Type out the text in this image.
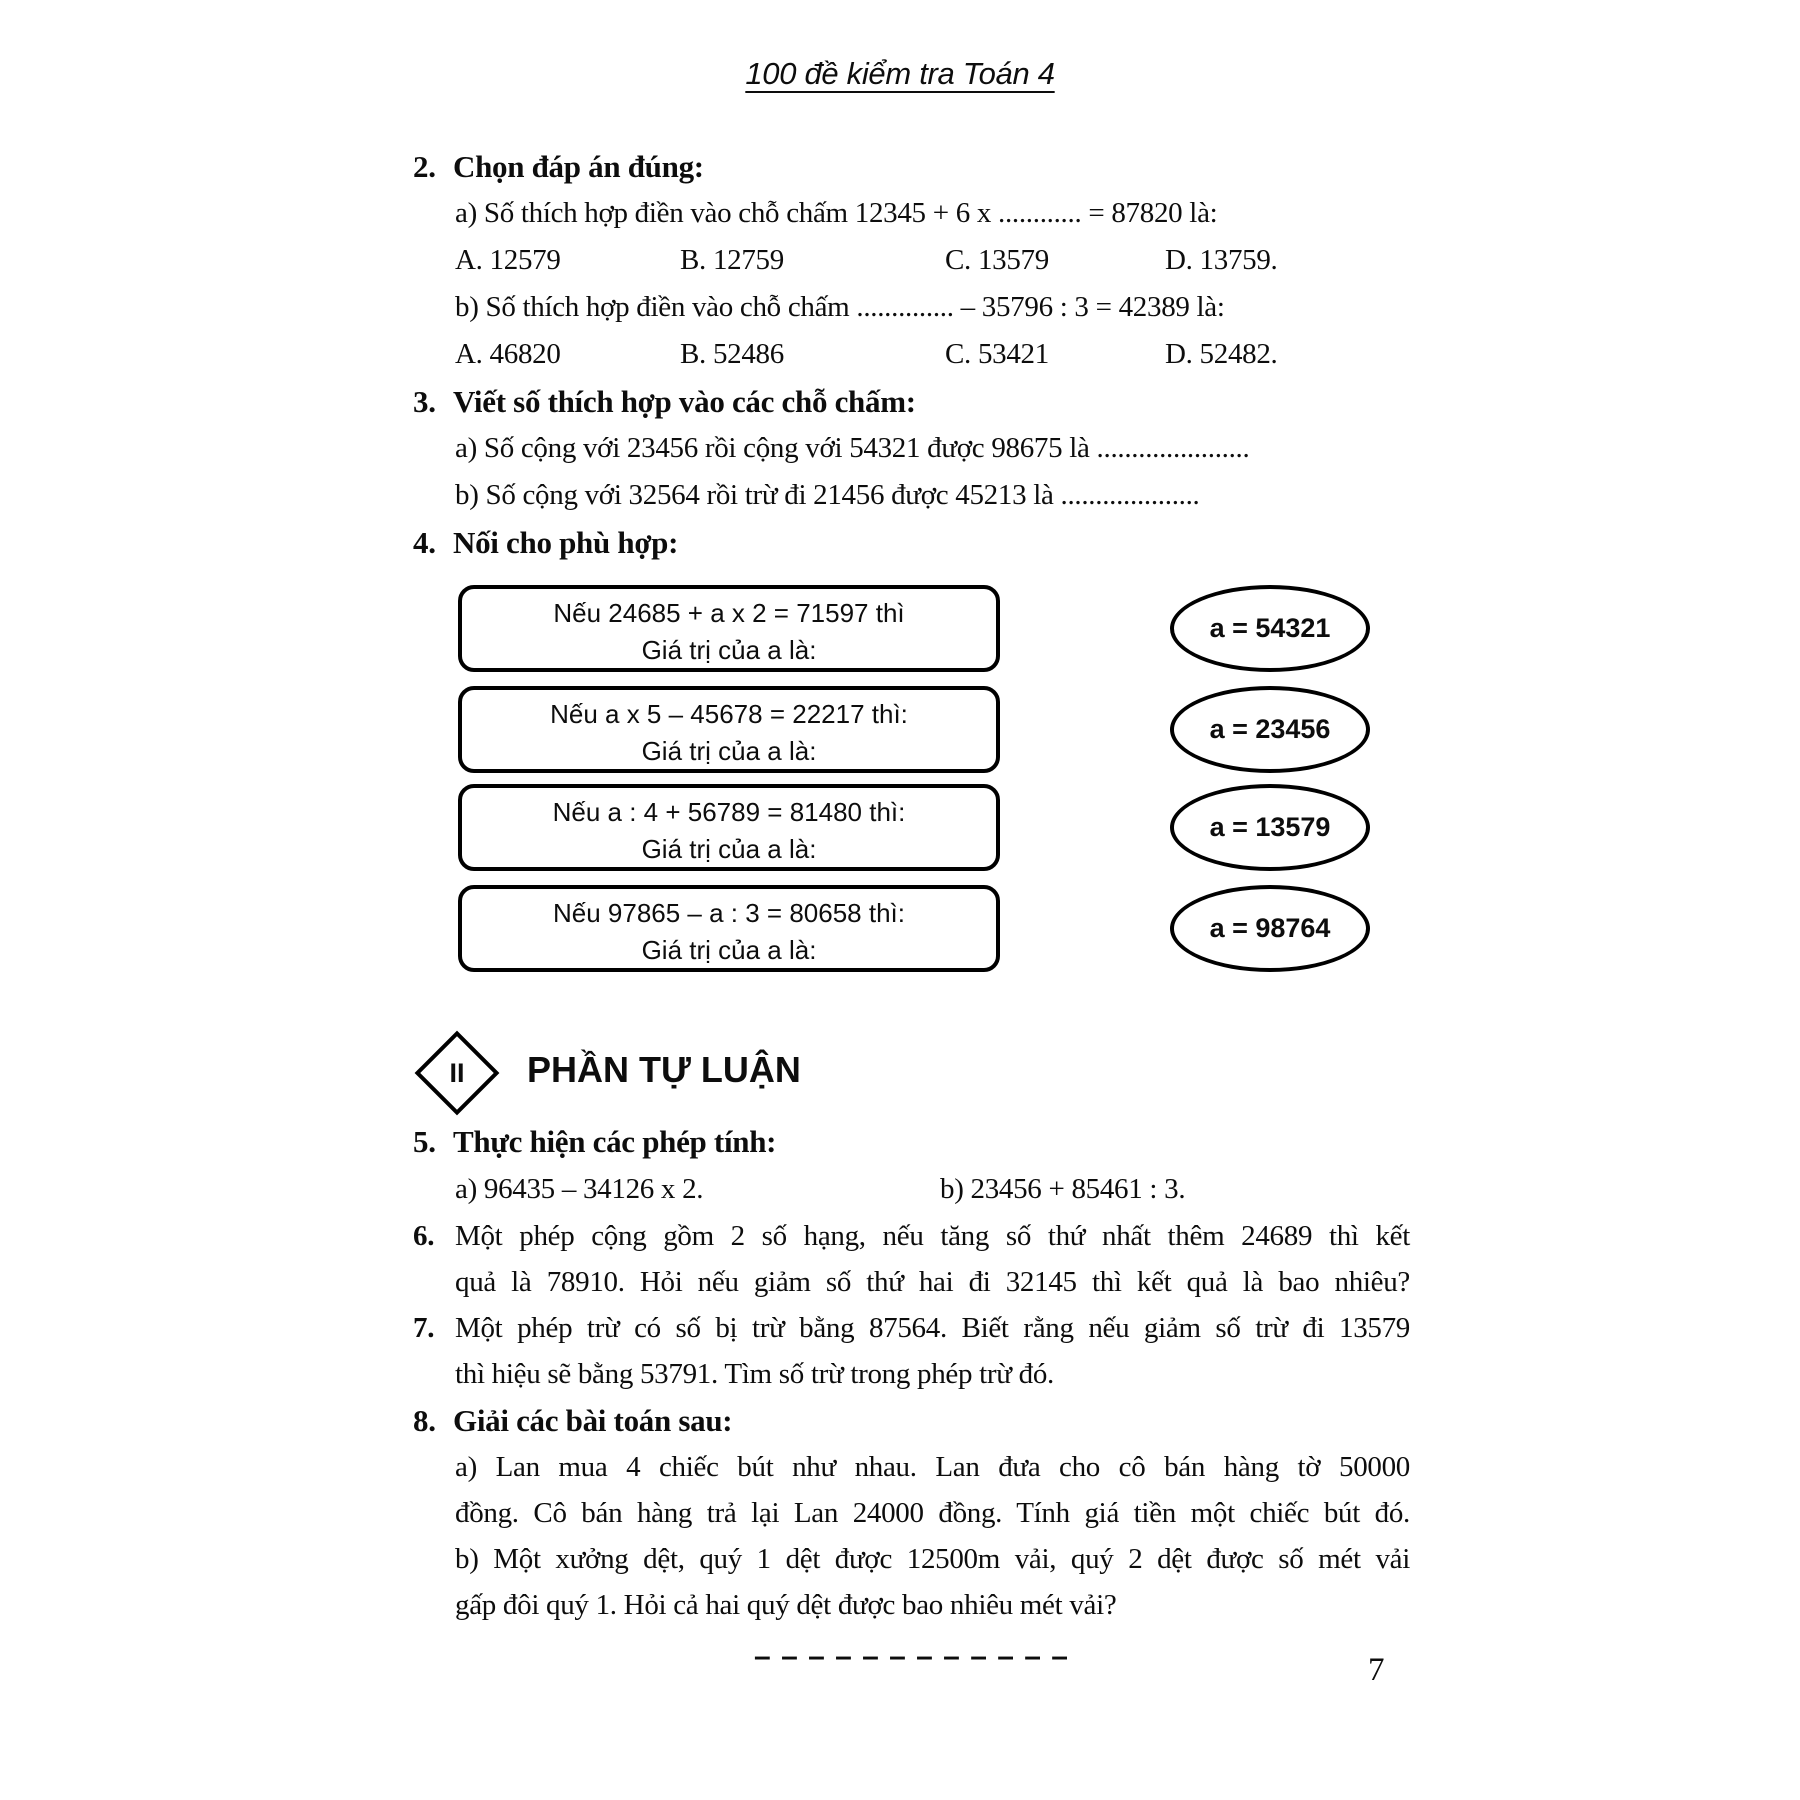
100 đề kiểm tra Toán 4
2. Chọn đáp án đúng:
a) Số thích hợp điền vào chỗ chấm 12345 + 6 x ............ = 87820 là:
A. 12579	B. 12759	C. 13579	D. 13759.
b) Số thích hợp điền vào chỗ chấm .............. – 35796 : 3 = 42389 là:
A. 46820	B. 52486	C. 53421	D. 52482.
3. Viết số thích hợp vào các chỗ chấm:
a) Số cộng với 23456 rồi cộng với 54321 được 98675 là ......................
b) Số cộng với 32564 rồi trừ đi 21456 được 45213 là ....................
4. Nối cho phù hợp:
Nếu 24685 + a x 2 = 71597 thì
Giá trị của a là:
Nếu a x 5 – 45678 = 22217 thì:
Giá trị của a là:
Nếu a : 4 + 56789 = 81480 thì:
Giá trị của a là:
Nếu 97865 – a : 3 = 80658 thì:
Giá trị của a là:
a = 54321
a = 23456
a = 13579
a = 98764
II	PHẦN TỰ LUẬN
5. Thực hiện các phép tính:
a) 96435 – 34126 x 2.	b) 23456 + 85461 : 3.
6. Một phép cộng gồm 2 số hạng, nếu tăng số thứ nhất thêm 24689 thì kết
quả là 78910. Hỏi nếu giảm số thứ hai đi 32145 thì kết quả là bao nhiêu?
7. Một phép trừ có số bị trừ bằng 87564. Biết rằng nếu giảm số trừ đi 13579
thì hiệu sẽ bằng 53791. Tìm số trừ trong phép trừ đó.
8. Giải các bài toán sau:
a) Lan mua 4 chiếc bút như nhau. Lan đưa cho cô bán hàng tờ 50000
đồng. Cô bán hàng trả lại Lan 24000 đồng. Tính giá tiền một chiếc bút đó.
b) Một xưởng dệt, quý 1 dệt được 12500m vải, quý 2 dệt được số mét vải
gấp đôi quý 1. Hỏi cả hai quý dệt được bao nhiêu mét vải?
– – – – – – – – – – – –	7
